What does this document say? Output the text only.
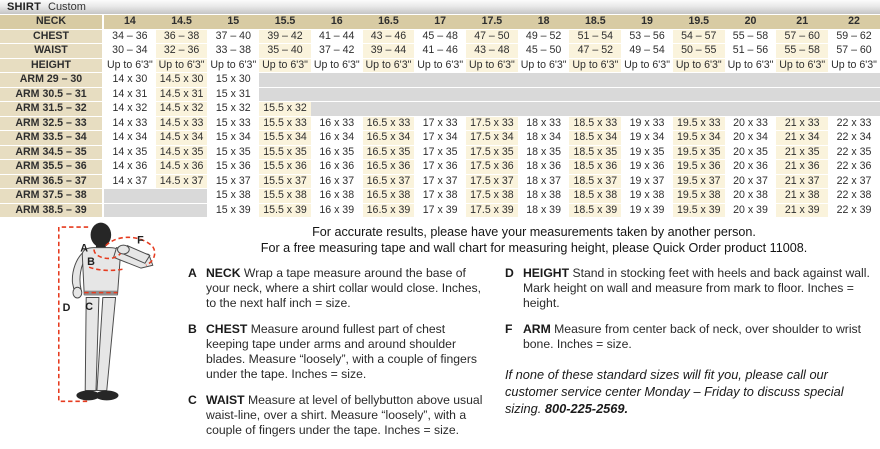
SHIRT Custom
NECK	14	14.5	15	15.5	16	16.5	17	17.5	18	18.5	19	19.5	20	21	22
CHEST	34 – 36	36 – 38	37 – 40	39 – 42	41 – 44	43 – 46	45 – 48	47 – 50	49 – 52	51 – 54	53 – 56	54 – 57	55 – 58	57 – 60	59 – 62
WAIST	30 – 34	32 – 36	33 – 38	35 – 40	37 – 42	39 – 44	41 – 46	43 – 48	45 – 50	47 – 52	49 – 54	50 – 55	51 – 56	55 – 58	57 – 60
HEIGHT	Up to 6'3"	Up to 6'3"	Up to 6'3"	Up to 6'3"	Up to 6'3"	Up to 6'3"	Up to 6'3"	Up to 6'3"	Up to 6'3"	Up to 6'3"	Up to 6'3"	Up to 6'3"	Up to 6'3"	Up to 6'3"	Up to 6'3"
ARM 29 – 30	14 x 30	14.5 x 30	15 x 30												
ARM 30.5 – 31	14 x 31	14.5 x 31	15 x 31												
ARM 31.5 – 32	14 x 32	14.5 x 32	15 x 32	15.5 x 32											
ARM 32.5 – 33	14 x 33	14.5 x 33	15 x 33	15.5 x 33	16 x 33	16.5 x 33	17 x 33	17.5 x 33	18 x 33	18.5 x 33	19 x 33	19.5 x 33	20 x 33	21 x 33	22 x 33
ARM 33.5 – 34	14 x 34	14.5 x 34	15 x 34	15.5 x 34	16 x 34	16.5 x 34	17 x 34	17.5 x 34	18 x 34	18.5 x 34	19 x 34	19.5 x 34	20 x 34	21 x 34	22 x 34
ARM 34.5 – 35	14 x 35	14.5 x 35	15 x 35	15.5 x 35	16 x 35	16.5 x 35	17 x 35	17.5 x 35	18 x 35	18.5 x 35	19 x 35	19.5 x 35	20 x 35	21 x 35	22 x 35
ARM 35.5 – 36	14 x 36	14.5 x 36	15 x 36	15.5 x 36	16 x 36	16.5 x 36	17 x 36	17.5 x 36	18 x 36	18.5 x 36	19 x 36	19.5 x 36	20 x 36	21 x 36	22 x 36
ARM 36.5 – 37	14 x 37	14.5 x 37	15 x 37	15.5 x 37	16 x 37	16.5 x 37	17 x 37	17.5 x 37	18 x 37	18.5 x 37	19 x 37	19.5 x 37	20 x 37	21 x 37	22 x 37
ARM 37.5 – 38			15 x 38	15.5 x 38	16 x 38	16.5 x 38	17 x 38	17.5 x 38	18 x 38	18.5 x 38	19 x 38	19.5 x 38	20 x 38	21 x 38	22 x 38
ARM 38.5 – 39			15 x 39	15.5 x 39	16 x 39	16.5 x 39	17 x 39	17.5 x 39	18 x 39	18.5 x 39	19 x 39	19.5 x 39	20 x 39	21 x 39	22 x 39
A
B
C
D
F
For accurate results, please have your measurements taken by another person.
For a free measuring tape and wall chart for measuring height, please Quick Order product 11008.
A NECK Wrap a tape measure around the base of your neck, where a shirt collar would close. Inches, to the next half inch = size.
B CHEST Measure around fullest part of chest keeping tape under arms and around shoulder blades. Measure “loosely”, with a couple of fingers under the tape. Inches = size.
C WAIST Measure at level of bellybutton above usual waist-line, over a shirt. Measure “loosely”, with a couple of fingers under the tape. Inches = size.
D HEIGHT Stand in stocking feet with heels and back against wall. Mark height on wall and measure from mark to floor. Inches = height.
F ARM Measure from center back of neck, over shoulder to wrist bone. Inches = size.

If none of these standard sizes will fit you, please call our customer service center Monday – Friday to discuss special sizing. 800-225-2569.
